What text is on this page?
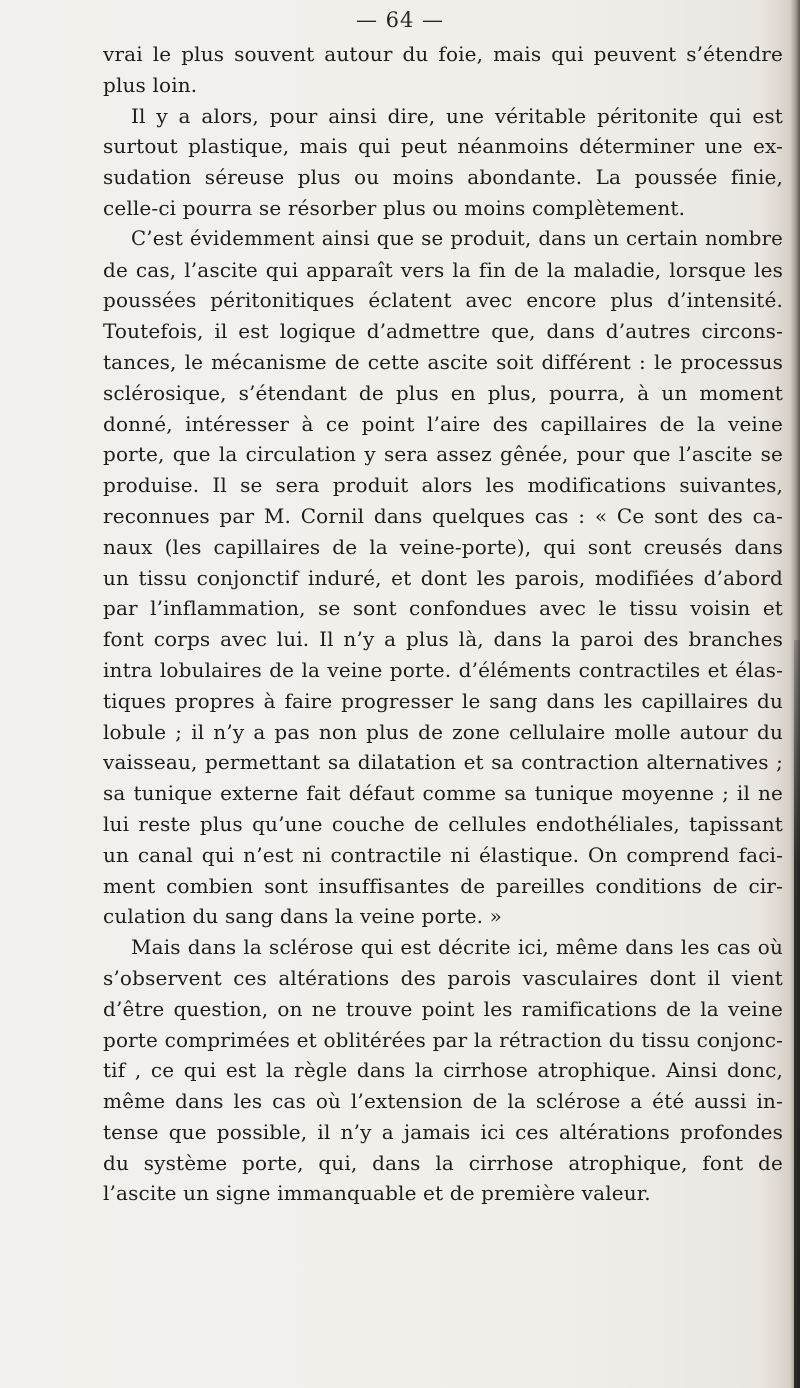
— 64 —
vrai le plus souvent autour du foie, mais qui peuvent s’étendre
plus loin.
Il y a alors, pour ainsi dire, une véritable péritonite qui est
surtout plastique, mais qui peut néanmoins déterminer une ex-
sudation séreuse plus ou moins abondante. La poussée finie,
celle-ci pourra se résorber plus ou moins complètement.
C’est évidemment ainsi que se produit, dans un certain nombre
de cas, l’ascite qui apparaît vers la fin de la maladie, lorsque les
poussées péritonitiques éclatent avec encore plus d’intensité.
Toutefois, il est logique d’admettre que, dans d’autres circons-
tances, le mécanisme de cette ascite soit différent : le processus
sclérosique, s’étendant de plus en plus, pourra, à un moment
donné, intéresser à ce point l’aire des capillaires de la veine
porte, que la circulation y sera assez gênée, pour que l’ascite se
produise. Il se sera produit alors les modifications suivantes,
reconnues par M. Cornil dans quelques cas : « Ce sont des ca-
naux (les capillaires de la veine-porte), qui sont creusés dans
un tissu conjonctif induré, et dont les parois, modifiées d’abord
par l’inflammation, se sont confondues avec le tissu voisin et
font corps avec lui. Il n’y a plus là, dans la paroi des branches
intra lobulaires de la veine porte. d’éléments contractiles et élas-
tiques propres à faire progresser le sang dans les capillaires du
lobule ; il n’y a pas non plus de zone cellulaire molle autour du
vaisseau, permettant sa dilatation et sa contraction alternatives ;
sa tunique externe fait défaut comme sa tunique moyenne ; il ne
lui reste plus qu’une couche de cellules endothéliales, tapissant
un canal qui n’est ni contractile ni élastique. On comprend faci-
ment combien sont insuffisantes de pareilles conditions de cir-
culation du sang dans la veine porte. »
Mais dans la sclérose qui est décrite ici, même dans les cas où
s’observent ces altérations des parois vasculaires dont il vient
d’être question, on ne trouve point les ramifications de la veine
porte comprimées et oblitérées par la rétraction du tissu conjonc-
tif , ce qui est la règle dans la cirrhose atrophique. Ainsi donc,
même dans les cas où l’extension de la sclérose a été aussi in-
tense que possible, il n’y a jamais ici ces altérations profondes
du système porte, qui, dans la cirrhose atrophique, font de
l’ascite un signe immanquable et de première valeur.
